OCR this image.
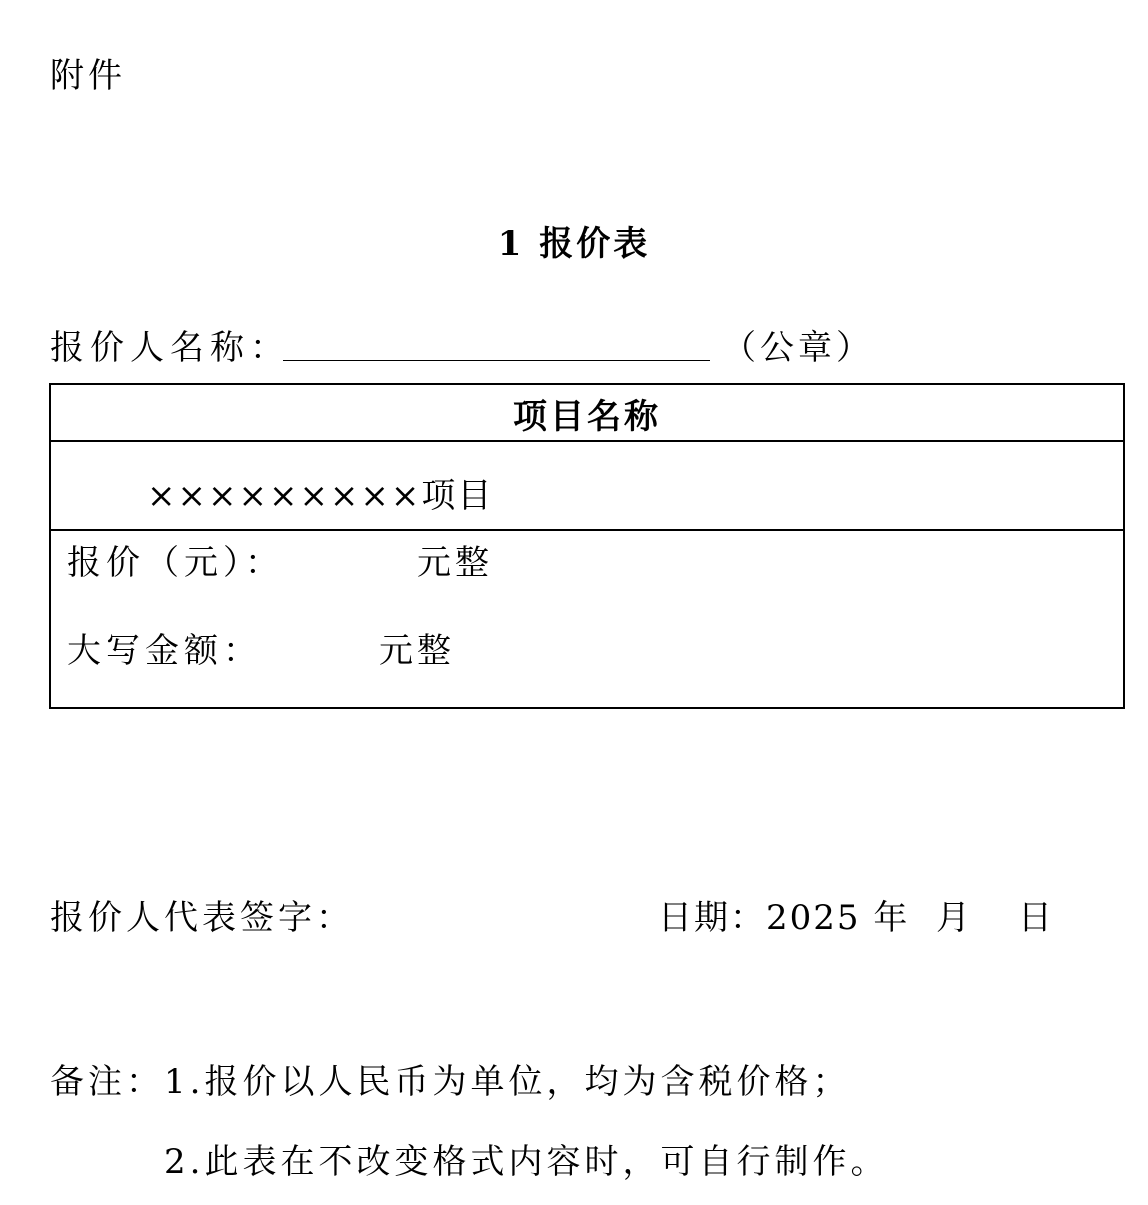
附件
1 报价表
报价人名称：	（公章）
项目名称
×××××××××项目
报价（元）：	元整
大写金额：	元整
报价人代表签字：	日期：2025 年 月 日
备注：1.报价以人民币为单位，均为含税价格；
2.此表在不改变格式内容时，可自行制作。
